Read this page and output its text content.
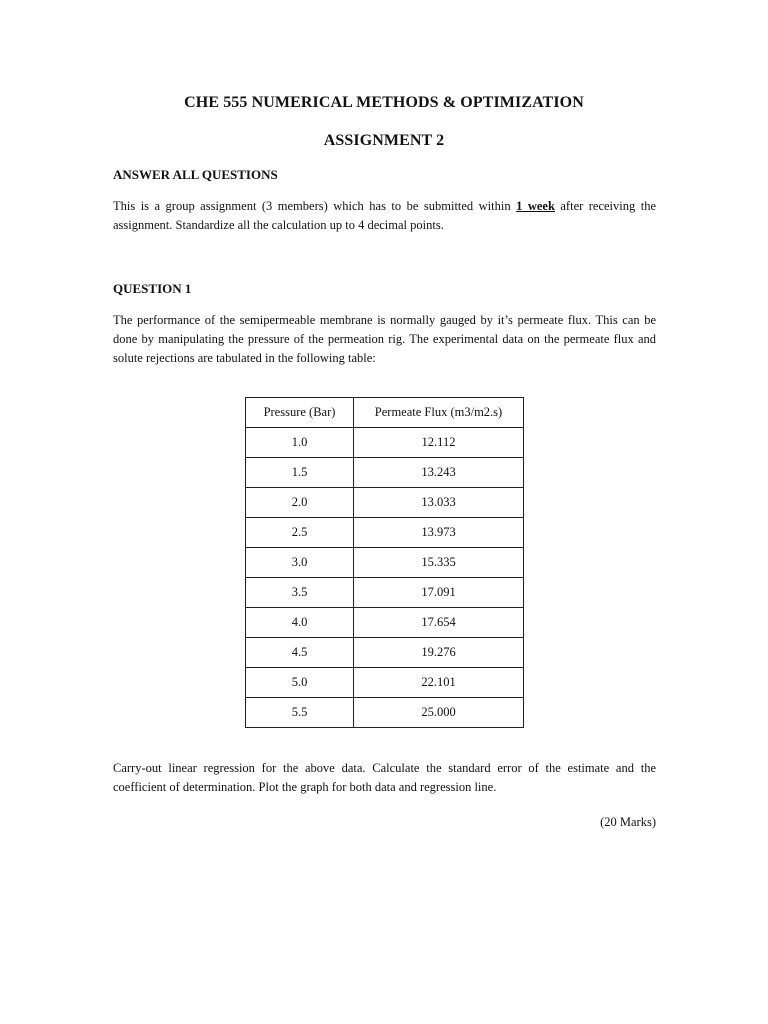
CHE 555 NUMERICAL METHODS & OPTIMIZATION
ASSIGNMENT 2
ANSWER ALL QUESTIONS
This is a group assignment (3 members) which has to be submitted within 1 week after receiving the assignment. Standardize all the calculation up to 4 decimal points.
QUESTION 1
The performance of the semipermeable membrane is normally gauged by it’s permeate flux. This can be done by manipulating the pressure of the permeation rig. The experimental data on the permeate flux and solute rejections are tabulated in the following table:
Pressure (Bar)	Permeate Flux (m3/m2.s)
1.0	12.112
1.5	13.243
2.0	13.033
2.5	13.973
3.0	15.335
3.5	17.091
4.0	17.654
4.5	19.276
5.0	22.101
5.5	25.000
Carry-out linear regression for the above data. Calculate the standard error of the estimate and the coefficient of determination. Plot the graph for both data and regression line.
(20 Marks)
